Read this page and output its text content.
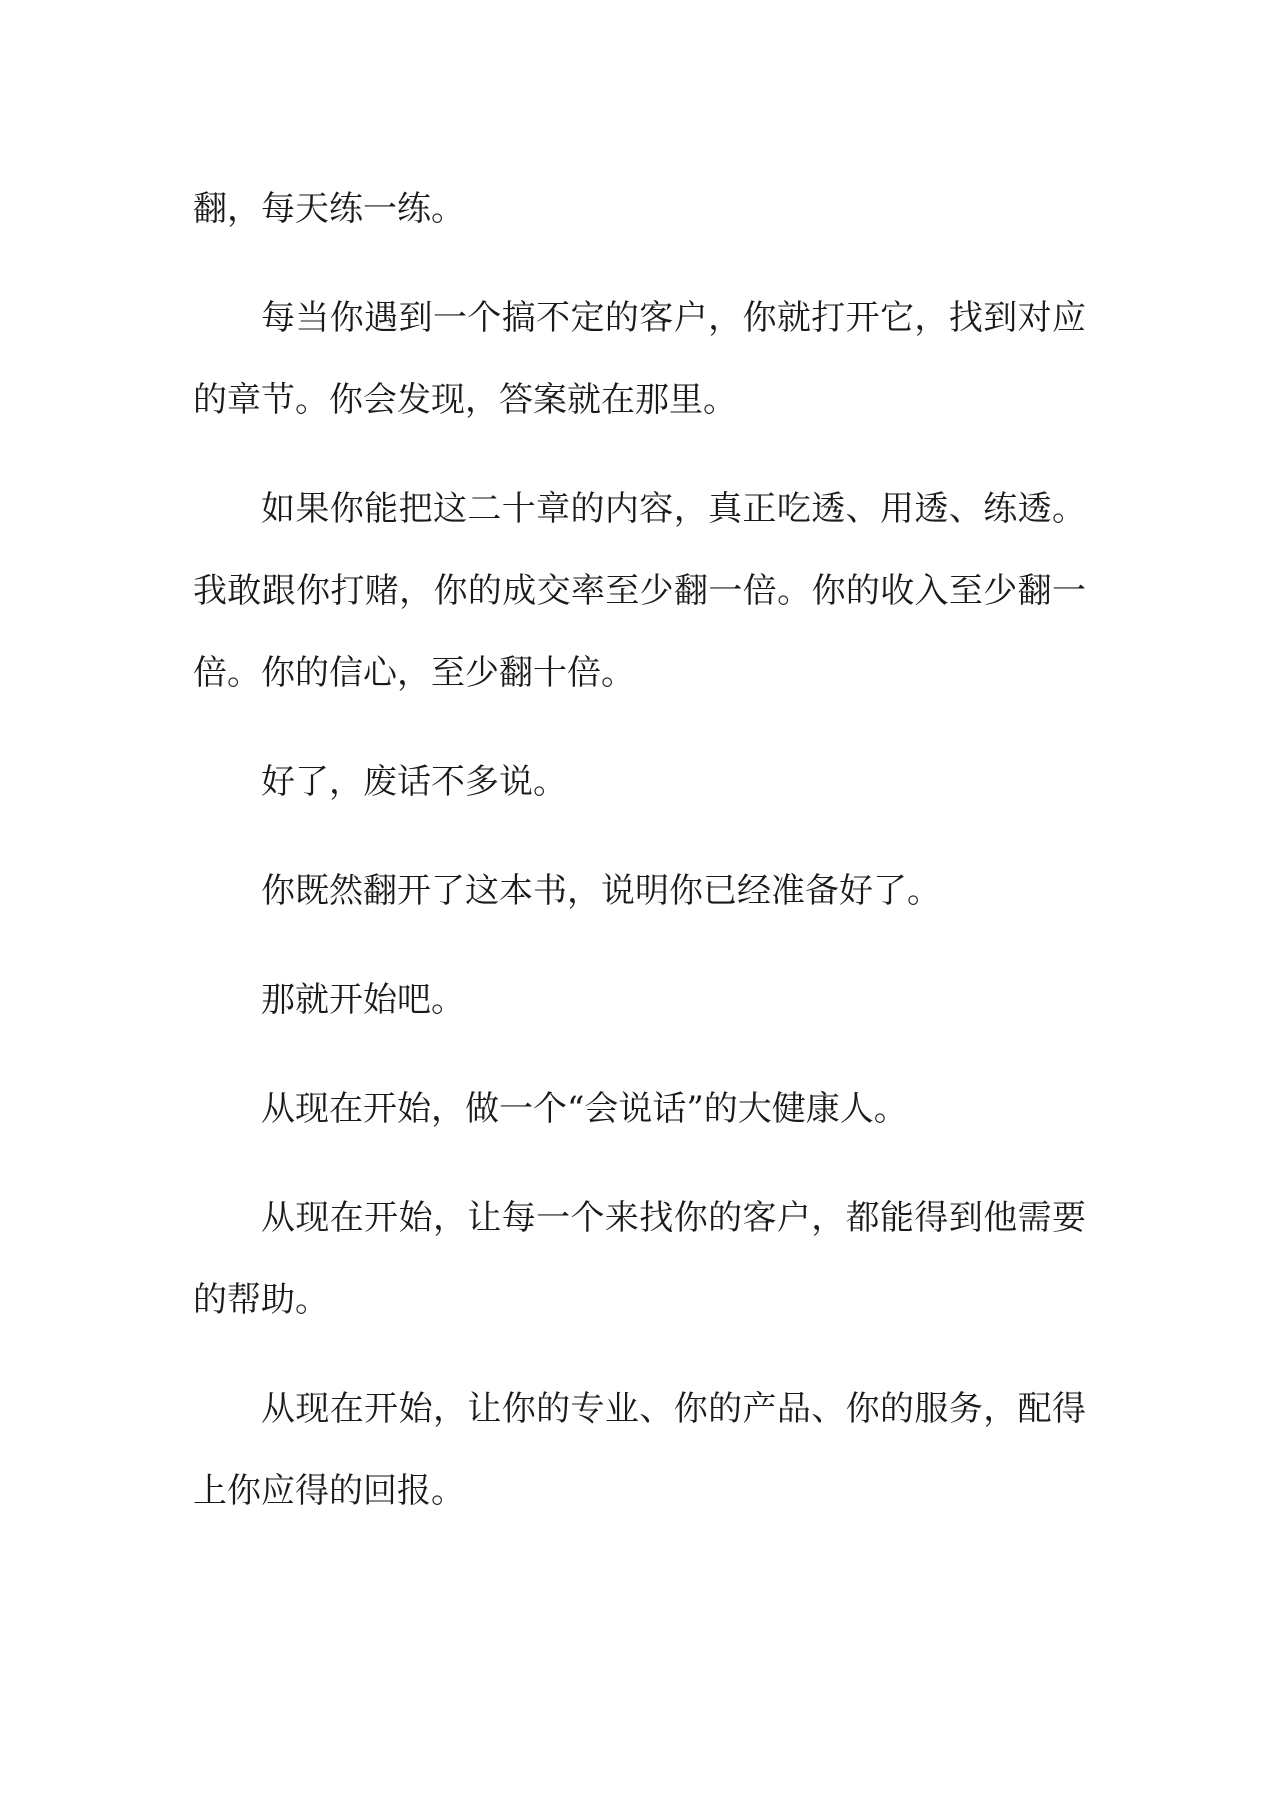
翻，每天练一练。

每当你遇到一个搞不定的客户，你就打开它，找到对应的章节。你会发现，答案就在那里。

如果你能把这二十章的内容，真正吃透、用透、练透。我敢跟你打赌，你的成交率至少翻一倍。你的收入至少翻一倍。你的信心，至少翻十倍。

好了，废话不多说。

你既然翻开了这本书，说明你已经准备好了。

那就开始吧。

从现在开始，做一个“会说话”的大健康人。

从现在开始，让每一个来找你的客户，都能得到他需要的帮助。

从现在开始，让你的专业、你的产品、你的服务，配得上你应得的回报。
